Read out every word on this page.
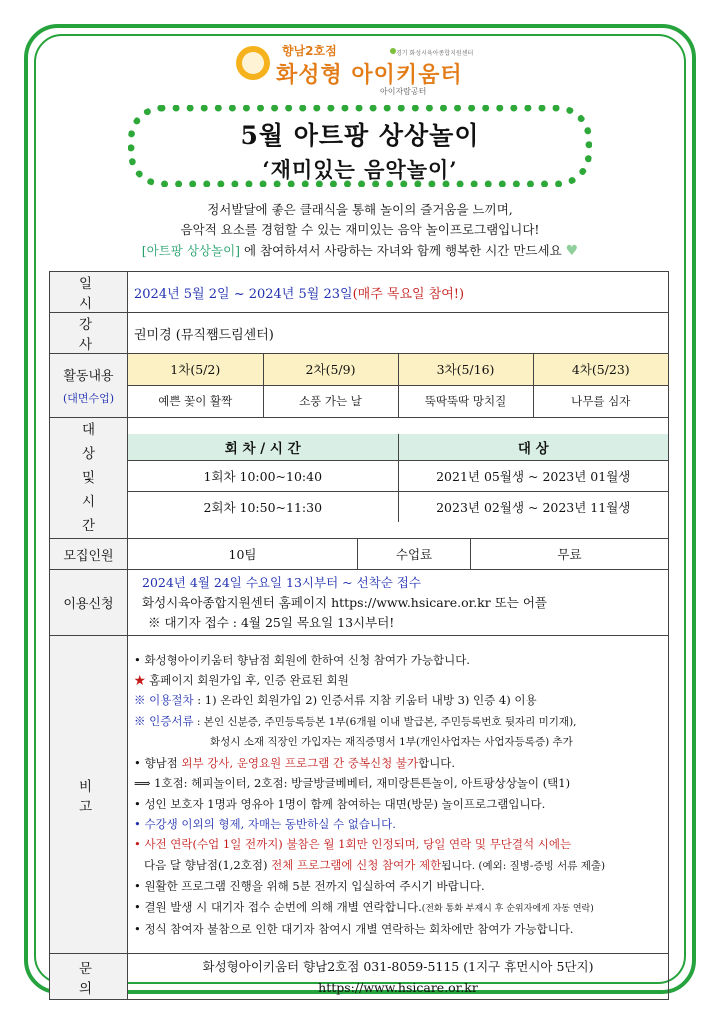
향남2호점
화성형 아이키움터
아이자람공터
경기 화성시육아종합지원센터
5월 아트팡 상상놀이
‘재미있는 음악놀이’
정서발달에 좋은 클래식을 통해 놀이의 즐거움을 느끼며,
음악적 요소를 경험할 수 있는 재미있는 음악 놀이프로그램입니다!
[아트팡 상상놀이] 에 참여하셔서 사랑하는 자녀와 함께 행복한 시간 만드세요 ♥
일 시	2024년 5월 2일 ~ 2024년 5월 23일(매주 목요일 참여!)
강 사	권미경 (뮤직쨈드림센터)

활동내용
(대면수업)

1차(5/2)	2차(5/9)	3차(5/16)	4차(5/23)
예쁜 꽃이 활짝	소풍 가는 날	뚝딱뚝딱 망치질	나무를 심자

대 상 및 시 간

회 차 / 시 간	대 상
1회차 10:00~10:40	2021년 05월생 ~ 2023년 01월생
2회차 10:50~11:30	2023년 02월생 ~ 2023년 11월생

모집인원		10팀	수업료	무료

이용신청	
2024년 4월 24일 수요일 13시부터 ~ 선착순 접수
화성시육아종합지원센터 홈페이지 https://www.hsicare.or.kr 또는 어플
※ 대기자 접수 : 4월 25일 목요일 13시부터!

비 고	
• 화성형아이키움터 향남점 회원에 한하여 신청 참여가 가능합니다.
★ 홈페이지 회원가입 후, 인증 완료된 회원
※ 이용절차 : 1) 온라인 회원가입 2) 인증서류 지참 키움터 내방 3) 인증 4) 이용
※ 인증서류 : 본인 신분증, 주민등록등본 1부(6개월 이내 발급본, 주민등록번호 뒷자리 미기재),
화성시 소재 직장인 가입자는 재직증명서 1부(개인사업자는 사업자등록증) 추가
• 향남점 외부 강사, 운영요원 프로그램 간 중복신청 불가합니다.
⟹ 1호점: 헤피놀이터, 2호점: 방글방글베베터, 재미랑튼튼놀이, 아트팡상상놀이 (택1)
• 성인 보호자 1명과 영유아 1명이 함께 참여하는 대면(방문) 놀이프로그램입니다.
• 수강생 이외의 형제, 자매는 동반하실 수 없습니다.
• 사전 연락(수업 1일 전까지) 불참은 월 1회만 인정되며, 당일 연락 및 무단결석 시에는
다음 달 향남점(1,2호점) 전체 프로그램에 신청 참여가 제한됩니다. (예외: 질병-증빙 서류 제출)
• 원활한 프로그램 진행을 위해 5분 전까지 입실하여 주시기 바랍니다.
• 결원 발생 시 대기자 접수 순번에 의해 개별 연락합니다.(전화 통화 부재시 후 순위자에게 자동 연락)
• 정식 참여자 불참으로 인한 대기자 참여시 개별 연락하는 회차에만 참여가 가능합니다.

문 의	
화성형아이키움터 향남2호점 031-8059-5115 (1지구 휴먼시아 5단지)
https://www.hsicare.or.kr
